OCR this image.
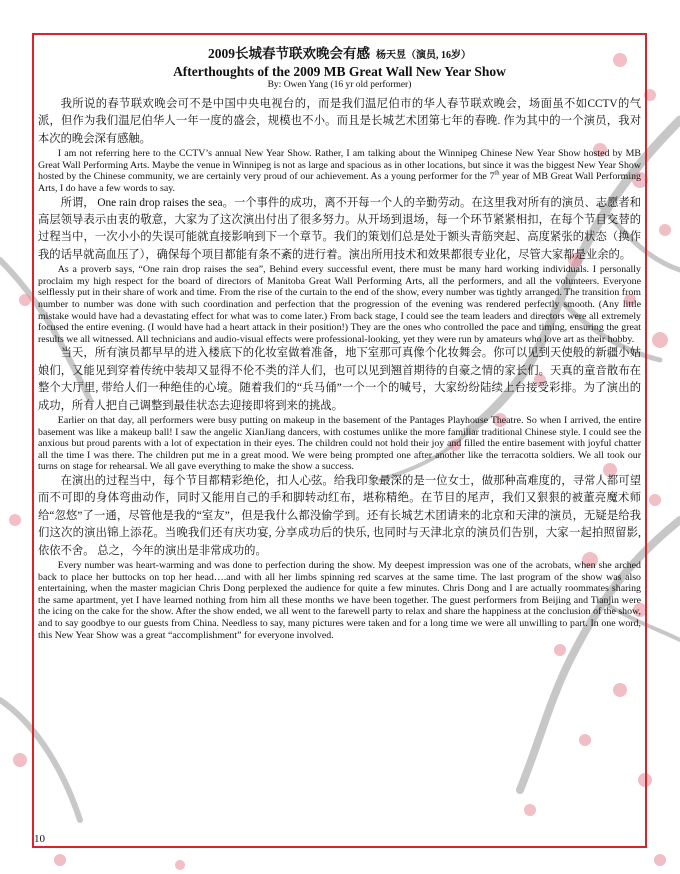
2009长城春节联欢晚会有感 杨天昱（演员, 16岁）
Afterthoughts of the 2009 MB Great Wall New Year Show
By: Owen Yang (16 yr old performer)

我所说的春节联欢晚会可不是中国中央电视台的，而是我们温尼伯市的华人春节联欢晚会，场面虽不如CCTV的气派，但作为我们温尼伯华人一年一度的盛会，规模也不小。而且是长城艺术团第七年的春晚. 作为其中的一个演员，我对本次的晚会深有感触。

I am not referring here to the CCTV’s annual New Year Show. Rather, I am talking about the Winnipeg Chinese New Year Show hosted by MB Great Wall Performing Arts. Maybe the venue in Winnipeg is not as large and spacious as in other locations, but since it was the biggest New Year Show hosted by the Chinese community, we are certainly very proud of our achievement. As a young performer for the 7th year of MB Great Wall Performing Arts, I do have a few words to say.

所谓， One rain drop raises the sea。一个事件的成功，离不开每一个人的辛勤劳动。在这里我对所有的演员、志愿者和高层领导表示由衷的敬意，大家为了这次演出付出了很多努力。从开场到退场，每一个环节紧紧相扣，在每个节目交替的过程当中，一次小小的失误可能就直接影响到下一个章节。我们的策划们总是处于额头青筋突起、高度紧张的状态（换作我的话早就高血压了），确保每个项目都能有条不紊的进行着。演出所用技术和效果都很专业化，尽管大家都是业余的。

As a proverb says, “One rain drop raises the sea”, Behind every successful event, there must be many hard working individuals. I personally proclaim my high respect for the board of directors of Manitoba Great Wall Performing Arts, all the performers, and all the volunteers. Everyone selflessly put in their share of work and time. From the rise of the curtain to the end of the show, every number was tightly arranged. The transition from number to number was done with such coordination and perfection that the progression of the evening was rendered perfectly smooth. (Any little mistake would have had a devastating effect for what was to come later.) From back stage, I could see the team leaders and directors were all extremely focused the entire evening. (I would have had a heart attack in their position!) They are the ones who controlled the pace and timing, ensuring the great results we all witnessed. All technicians and audio-visual effects were professional-looking, yet they were run by amateurs who love art as their hobby.

当天，所有演员都早早的进入楼底下的化妆室做着准备，地下室那可真像个化妆舞会。你可以见到天使般的新疆小姑娘们，又能见到穿着传统中装却又显得不伦不类的洋人们，也可以见到翘首期待的自豪之情的家长们。天真的童音散布在整个大厅里, 带给人们一种绝佳的心境。随着我们的“兵马俑”一个一个的喊号，大家纷纷陆续上台接受彩排。为了演出的成功，所有人把自己调整到最佳状态去迎接即将到来的挑战。

Earlier on that day, all performers were busy putting on makeup in the basement of the Pantages Playhouse Theatre. So when I arrived, the entire basement was like a makeup ball! I saw the angelic XianJiang dancers, with costumes unlike the more familiar traditional Chinese style. I could see the anxious but proud parents with a lot of expectation in their eyes. The children could not hold their joy and filled the entire basement with joyful chatter all the time I was there. The children put me in a great mood. We were being prompted one after another like the terracotta soldiers. We all took our turns on stage for rehearsal. We all gave everything to make the show a success.

在演出的过程当中，每个节目都精彩绝伦，扣人心弦。给我印象最深的是一位女士，做那种高难度的，寻常人都可望而不可即的身体弯曲动作，同时又能用自己的手和脚转动红布，堪称精绝。在节目的尾声，我们又狠狠的被董亮魔术师给“忽悠”了一通，尽管他是我的“室友”，但是我什么都没偷学到。还有长城艺术团请来的北京和天津的演员，无疑是给我们这次的演出锦上添花。当晚我们还有庆功宴, 分享成功后的快乐, 也同时与天津北京的演员们告别，大家一起拍照留影, 依依不舍。 总之，今年的演出是非常成功的。

Every number was heart-warming and was done to perfection during the show. My deepest impression was one of the acrobats, when she arched back to place her buttocks on top her head….and with all her limbs spinning red scarves at the same time. The last program of the show was also entertaining, when the master magician Chris Dong perplexed the audience for quite a few minutes. Chris Dong and I are actually roommates sharing the same apartment, yet I have learned nothing from him all these months we have been together. The guest performers from Beijing and Tianjin were the icing on the cake for the show. After the show ended, we all went to the farewell party to relax and share the happiness at the conclusion of the show, and to say goodbye to our guests from China. Needless to say, many pictures were taken and for a long time we were all unwilling to part. In one word, this New Year Show was a great “accomplishment” for everyone involved.

10
